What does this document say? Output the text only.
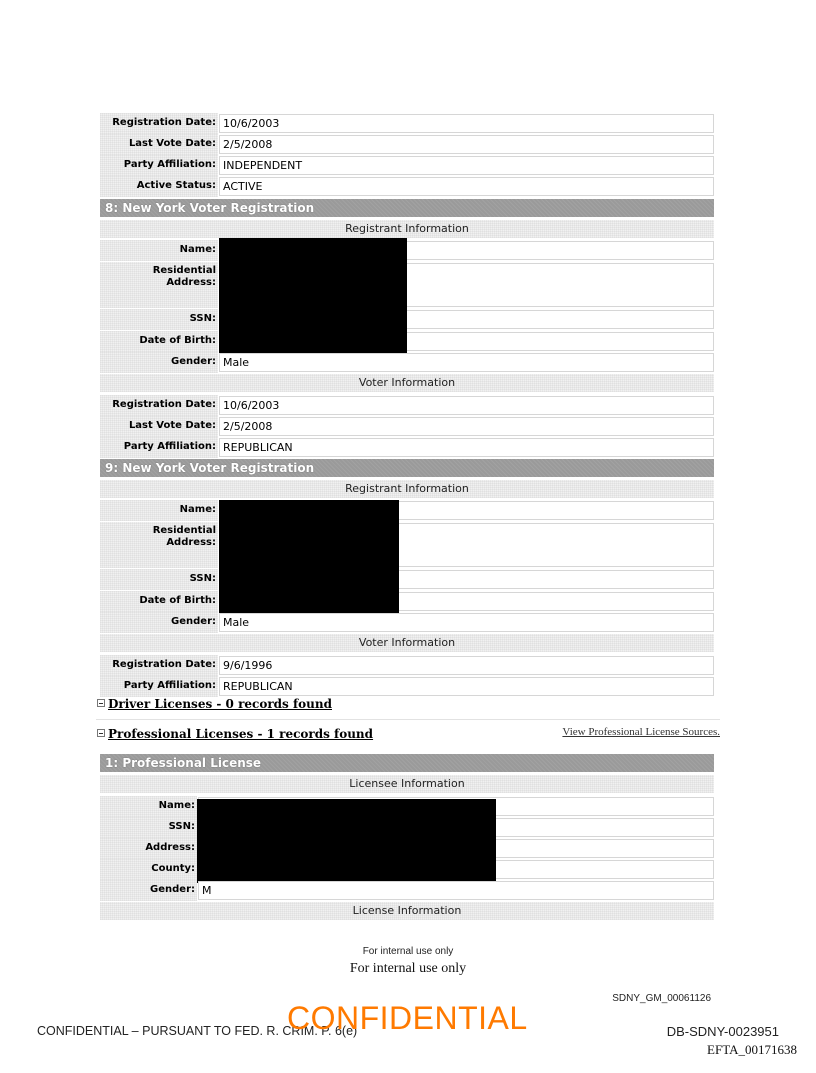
Registration Date: 10/6/2003
Last Vote Date: 2/5/2008
Party Affiliation: INDEPENDENT
Active Status: ACTIVE
8: New York Voter Registration
Registrant Information
Name:
Residential
Address:
SSN:
Date of Birth:
Gender: Male
Voter Information
Registration Date: 10/6/2003
Last Vote Date: 2/5/2008
Party Affiliation: REPUBLICAN
9: New York Voter Registration
Registrant Information
Name:
Residential
Address:
SSN:
Date of Birth:
Gender: Male
Voter Information
Registration Date: 9/6/1996
Party Affiliation: REPUBLICAN
Driver Licenses - 0 records found
Professional Licenses - 1 records found	View Professional License Sources.
1: Professional License
Licensee Information
Name:
SSN:
Address:
County:
Gender: M
License Information
For internal use only
For internal use only
SDNY_GM_00061126
CONFIDENTIAL – PURSUANT TO FED. R. CRIM. P. 6(e)
CONFIDENTIAL	DB-SDNY-0023951
EFTA_00171638
